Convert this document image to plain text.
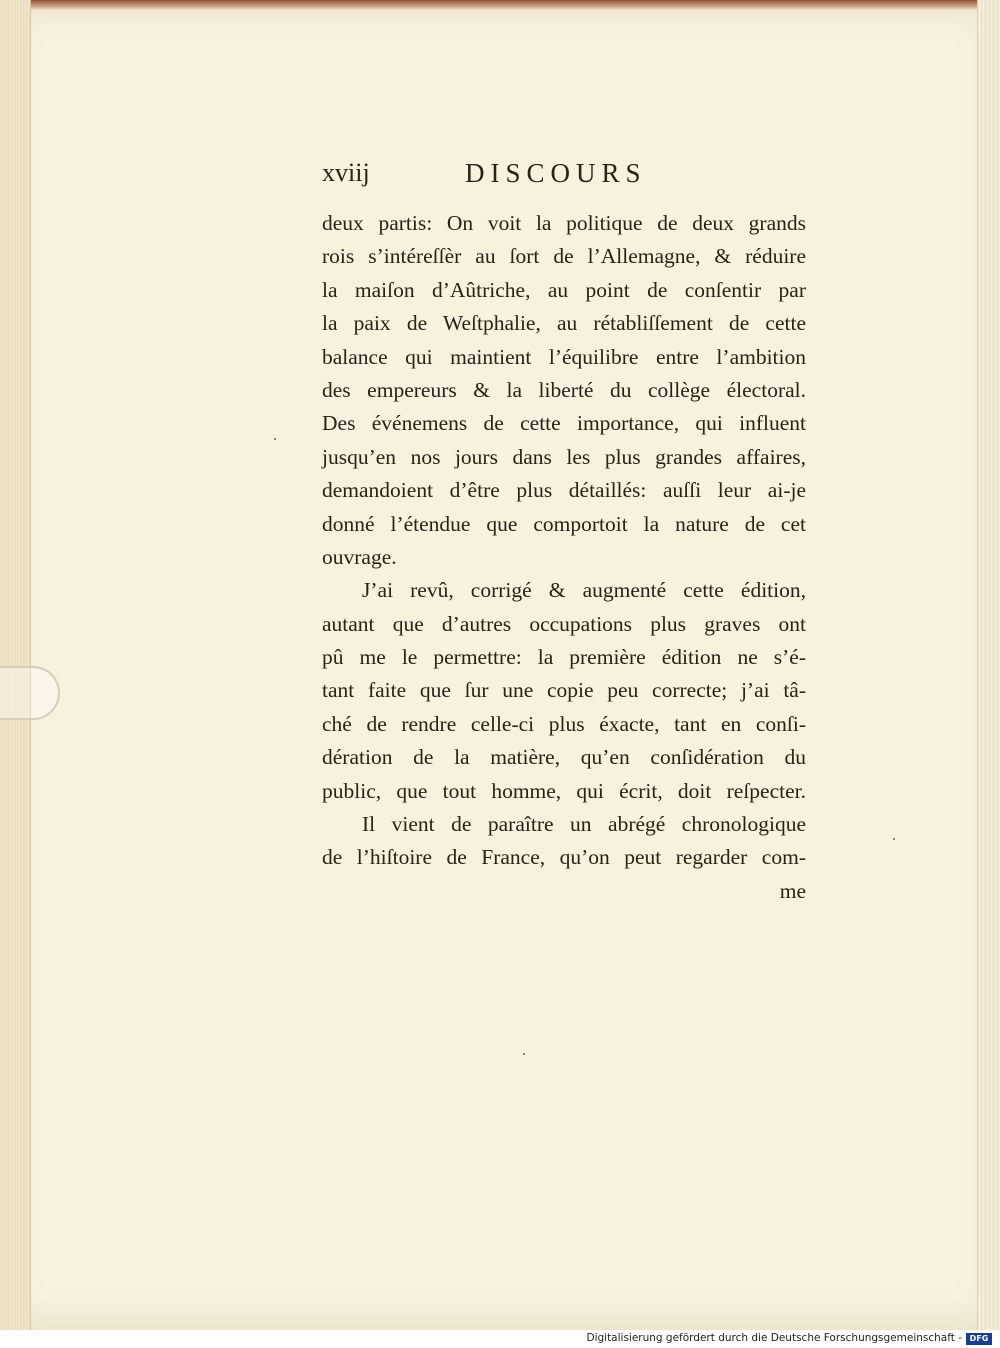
xviij	DISCOURS
deux partis: On voit la politique de deux grands
rois s’intéreſſèr au ſort de l’Allemagne, & réduire
la maiſon d’Aûtriche, au point de conſentir par
la paix de Weſtphalie, au rétabliſſement de cette
balance qui maintient l’équilibre entre l’ambition
des empereurs & la liberté du collège électoral.
Des événemens de cette importance, qui influent
jusqu’en nos jours dans les plus grandes affaires,
demandoient d’être plus détaillés: auſſi leur ai-je
donné l’étendue que comportoit la nature de cet
ouvrage.
J’ai revû, corrigé & augmenté cette édition,
autant que d’autres occupations plus graves ont
pû me le permettre: la première édition ne s’é-
tant faite que ſur une copie peu correcte; j’ai tâ-
ché de rendre celle-ci plus éxacte, tant en conſi-
dération de la matière, qu’en conſidération du
public, que tout homme, qui écrit, doit reſpecter.
Il vient de paraître un abrégé chronologique
de l’hiſtoire de France, qu’on peut regarder com-
me
Digitalisierung gefördert durch die Deutsche Forschungsgemeinschaft - DFG
